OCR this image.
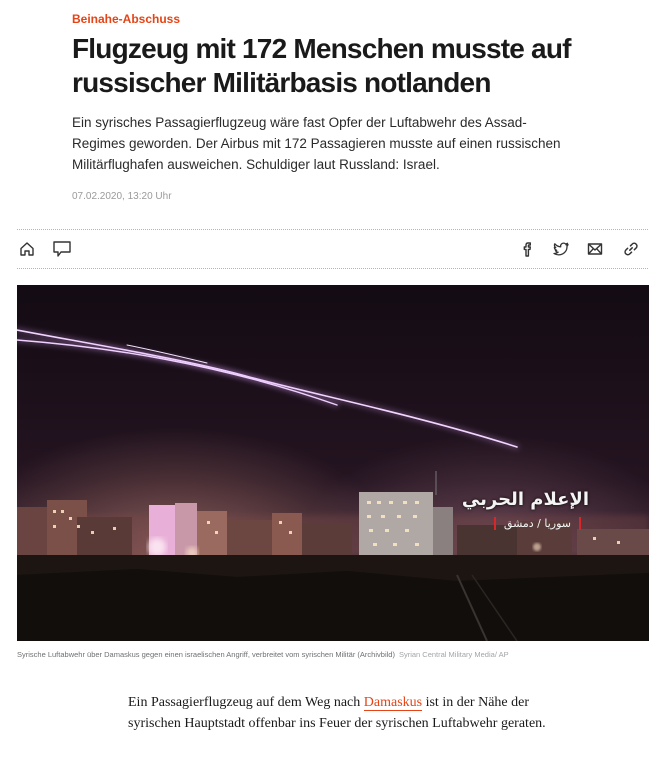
Beinahe-Abschuss
Flugzeug mit 172 Menschen musste auf russischer Militärbasis notlanden

Ein syrisches Passagierflugzeug wäre fast Opfer der Luftabwehr des Assad-Regimes geworden. Der Airbus mit 172 Passagieren musste auf einen russischen Militärflughafen ausweichen. Schuldiger laut Russland: Israel.

07.02.2020, 13:20 Uhr
الإعلام الحربي
سوريا / دمشق
Syrische Luftabwehr über Damaskus gegen einen israelischen Angriff, verbreitet vom syrischen Militär (Archivbild) Syrian Central Military Media/ AP

Ein Passagierflugzeug auf dem Weg nach Damaskus ist in der Nähe der syrischen Hauptstadt offenbar ins Feuer der syrischen Luftabwehr geraten.
